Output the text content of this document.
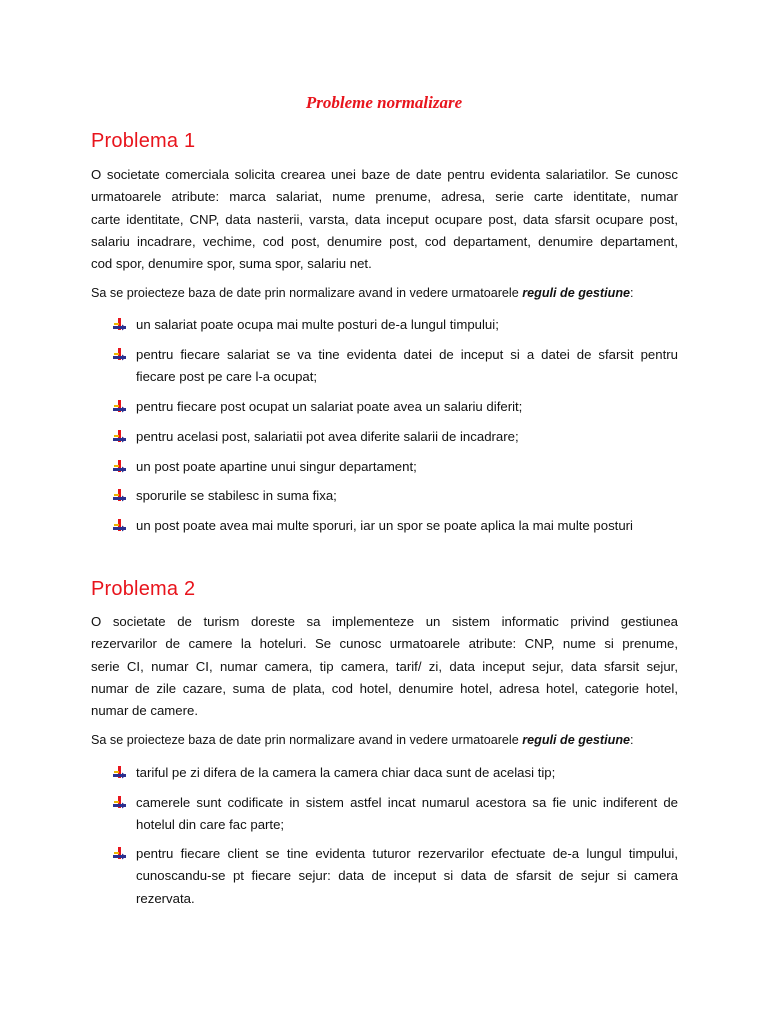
Probleme normalizare
Problema 1
O societate comerciala solicita crearea unei baze de date pentru evidenta salariatilor. Se cunosc
urmatoarele atribute: marca salariat, nume prenume, adresa, serie carte identitate, numar
carte identitate, CNP, data nasterii, varsta, data inceput ocupare post, data sfarsit ocupare post,
salariu incadrare, vechime, cod post, denumire post, cod departament, denumire departament,
cod spor, denumire spor, suma spor, salariu net.
Sa se proiecteze baza de date prin normalizare avand in vedere urmatoarele reguli de gestiune:
un salariat poate ocupa mai multe posturi de-a lungul timpului;
pentru fiecare salariat se va tine evidenta datei de inceput si a datei de sfarsit pentru
fiecare post pe care l-a ocupat;
pentru fiecare post ocupat un salariat poate avea un salariu diferit;
pentru acelasi post, salariatii pot avea diferite salarii de incadrare;
un post poate apartine unui singur departament;
sporurile se stabilesc in suma fixa;
un post poate avea mai multe sporuri, iar un spor se poate aplica la mai multe posturi
Problema 2
O societate de turism doreste sa implementeze un sistem informatic privind gestiunea
rezervarilor de camere la hoteluri. Se cunosc urmatoarele atribute: CNP, nume si prenume,
serie CI, numar CI, numar camera, tip camera, tarif/ zi, data inceput sejur, data sfarsit sejur,
numar de zile cazare, suma de plata, cod hotel, denumire hotel, adresa hotel, categorie hotel,
numar de camere.
Sa se proiecteze baza de date prin normalizare avand in vedere urmatoarele reguli de gestiune:
tariful pe zi difera de la camera la camera chiar daca sunt de acelasi tip;
camerele sunt codificate in sistem astfel incat numarul acestora sa fie unic indiferent de
hotelul din care fac parte;
pentru fiecare client se tine evidenta tuturor rezervarilor efectuate de-a lungul timpului,
cunoscandu-se pt fiecare sejur: data de inceput si data de sfarsit de sejur si camera
rezervata.
